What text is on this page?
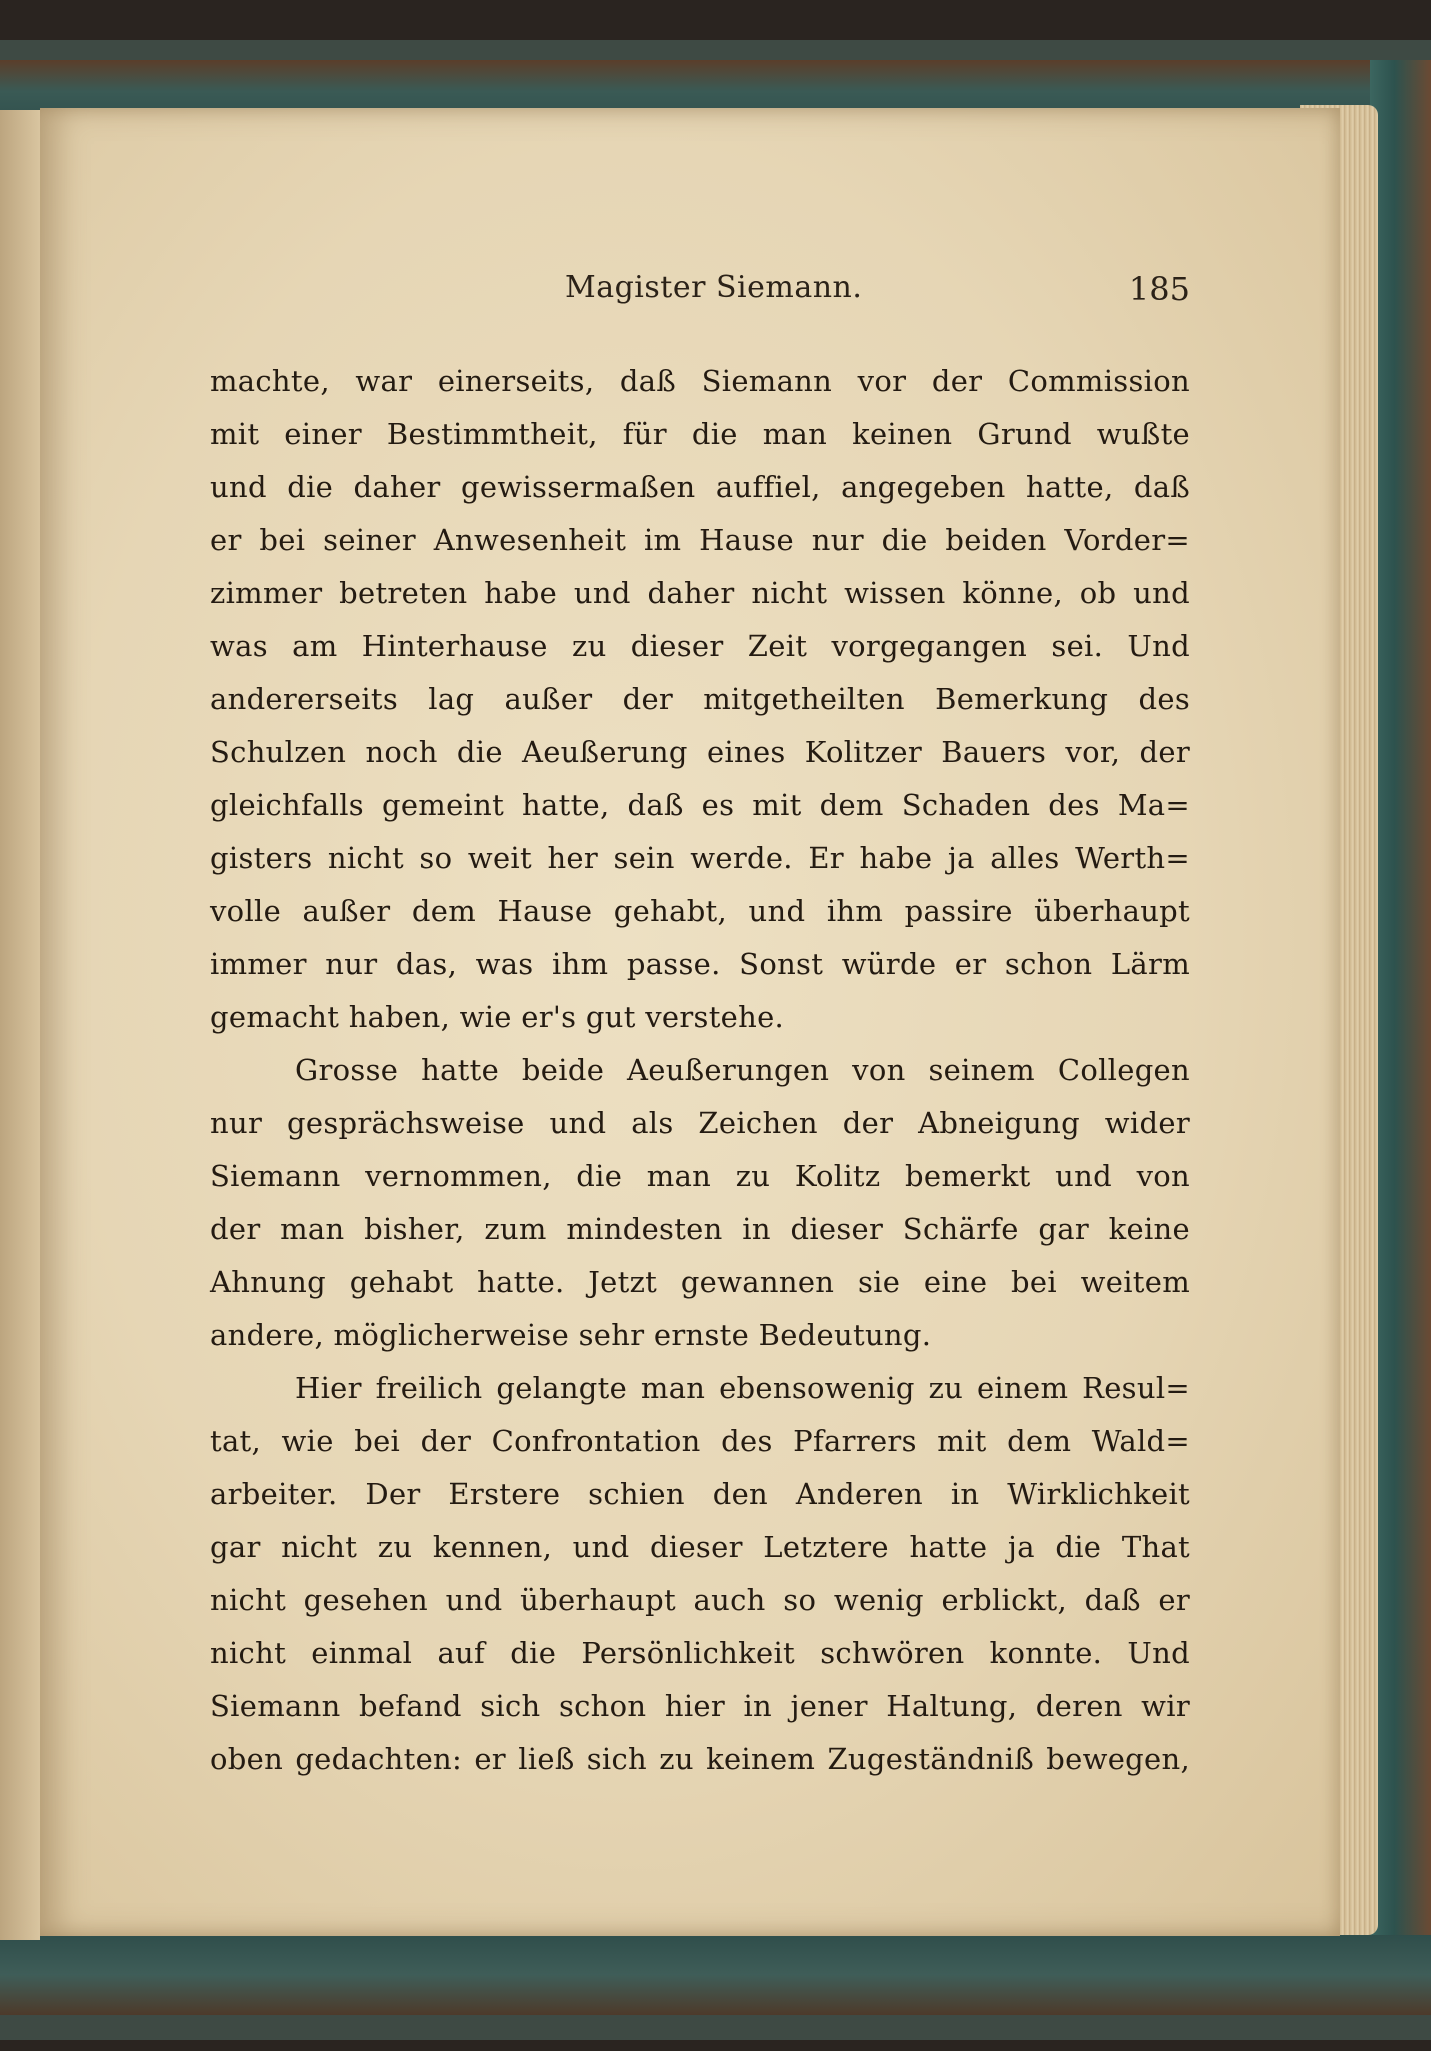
Magister Siemann.	185
machte, war einerseits, daß Siemann vor der Commission
mit einer Bestimmtheit, für die man keinen Grund wußte
und die daher gewissermaßen auffiel, angegeben hatte, daß
er bei seiner Anwesenheit im Hause nur die beiden Vorder=
zimmer betreten habe und daher nicht wissen könne, ob und
was am Hinterhause zu dieser Zeit vorgegangen sei. Und
andererseits lag außer der mitgetheilten Bemerkung des
Schulzen noch die Aeußerung eines Kolitzer Bauers vor, der
gleichfalls gemeint hatte, daß es mit dem Schaden des Ma=
gisters nicht so weit her sein werde. Er habe ja alles Werth=
volle außer dem Hause gehabt, und ihm passire überhaupt
immer nur das, was ihm passe. Sonst würde er schon Lärm
gemacht haben, wie er's gut verstehe.
Grosse hatte beide Aeußerungen von seinem Collegen
nur gesprächsweise und als Zeichen der Abneigung wider
Siemann vernommen, die man zu Kolitz bemerkt und von
der man bisher, zum mindesten in dieser Schärfe gar keine
Ahnung gehabt hatte. Jetzt gewannen sie eine bei weitem
andere, möglicherweise sehr ernste Bedeutung.
Hier freilich gelangte man ebensowenig zu einem Resul=
tat, wie bei der Confrontation des Pfarrers mit dem Wald=
arbeiter. Der Erstere schien den Anderen in Wirklichkeit
gar nicht zu kennen, und dieser Letztere hatte ja die That
nicht gesehen und überhaupt auch so wenig erblickt, daß er
nicht einmal auf die Persönlichkeit schwören konnte. Und
Siemann befand sich schon hier in jener Haltung, deren wir
oben gedachten: er ließ sich zu keinem Zugeständniß bewegen,
